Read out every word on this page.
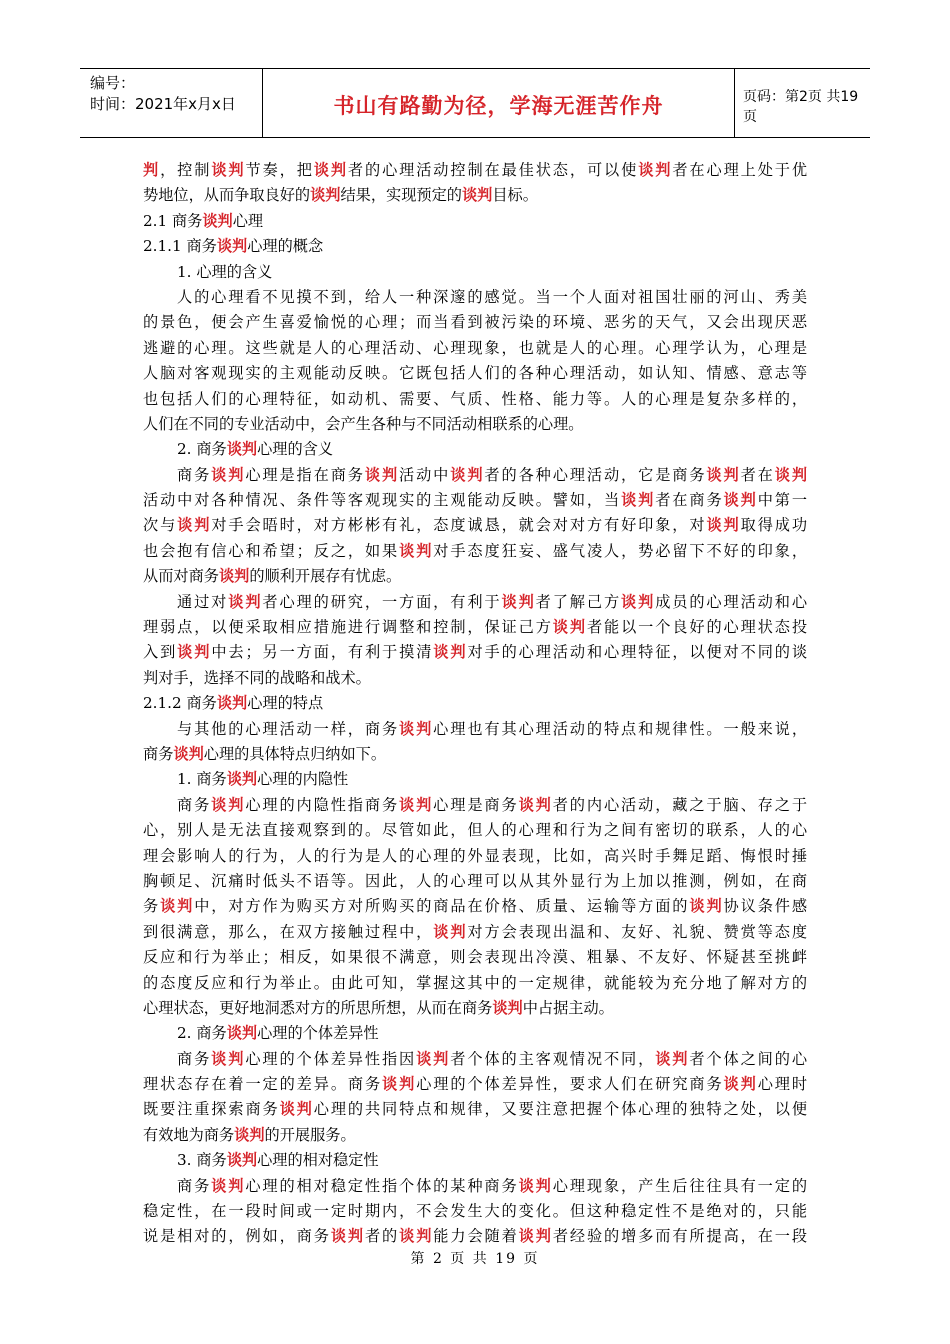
编号：
时间：2021年x月x日	书山有路勤为径，学海无涯苦作舟	页码：第2页 共19页
判，控制谈判节奏，把谈判者的心理活动控制在最佳状态，可以使谈判者在心理上处于优
势地位，从而争取良好的谈判结果，实现预定的谈判目标。
2.1 商务谈判心理
2.1.1 商务谈判心理的概念
1. 心理的含义
人的心理看不见摸不到，给人一种深邃的感觉。当一个人面对祖国壮丽的河山、秀美
的景色，便会产生喜爱愉悦的心理；而当看到被污染的环境、恶劣的天气，又会出现厌恶
逃避的心理。这些就是人的心理活动、心理现象，也就是人的心理。心理学认为，心理是
人脑对客观现实的主观能动反映。它既包括人们的各种心理活动，如认知、情感、意志等
也包括人们的心理特征，如动机、需要、气质、性格、能力等。人的心理是复杂多样的，
人们在不同的专业活动中，会产生各种与不同活动相联系的心理。
2. 商务谈判心理的含义
商务谈判心理是指在商务谈判活动中谈判者的各种心理活动，它是商务谈判者在谈判
活动中对各种情况、条件等客观现实的主观能动反映。譬如，当谈判者在商务谈判中第一
次与谈判对手会晤时，对方彬彬有礼，态度诚恳，就会对对方有好印象，对谈判取得成功
也会抱有信心和希望；反之，如果谈判对手态度狂妄、盛气凌人，势必留下不好的印象，
从而对商务谈判的顺利开展存有忧虑。
通过对谈判者心理的研究，一方面，有利于谈判者了解己方谈判成员的心理活动和心
理弱点，以便采取相应措施进行调整和控制，保证己方谈判者能以一个良好的心理状态投
入到谈判中去；另一方面，有利于摸清谈判对手的心理活动和心理特征，以便对不同的谈
判对手，选择不同的战略和战术。
2.1.2 商务谈判心理的特点
与其他的心理活动一样，商务谈判心理也有其心理活动的特点和规律性。一般来说，
商务谈判心理的具体特点归纳如下。
1. 商务谈判心理的内隐性
商务谈判心理的内隐性指商务谈判心理是商务谈判者的内心活动，藏之于脑、存之于
心，别人是无法直接观察到的。尽管如此，但人的心理和行为之间有密切的联系，人的心
理会影响人的行为，人的行为是人的心理的外显表现，比如，高兴时手舞足蹈、悔恨时捶
胸顿足、沉痛时低头不语等。因此，人的心理可以从其外显行为上加以推测，例如，在商
务谈判中，对方作为购买方对所购买的商品在价格、质量、运输等方面的谈判协议条件感
到很满意，那么，在双方接触过程中，谈判对方会表现出温和、友好、礼貌、赞赏等态度
反应和行为举止；相反，如果很不满意，则会表现出冷漠、粗暴、不友好、怀疑甚至挑衅
的态度反应和行为举止。由此可知，掌握这其中的一定规律，就能较为充分地了解对方的
心理状态，更好地洞悉对方的所思所想，从而在商务谈判中占据主动。
2. 商务谈判心理的个体差异性
商务谈判心理的个体差异性指因谈判者个体的主客观情况不同，谈判者个体之间的心
理状态存在着一定的差异。商务谈判心理的个体差异性，要求人们在研究商务谈判心理时
既要注重探索商务谈判心理的共同特点和规律，又要注意把握个体心理的独特之处，以便
有效地为商务谈判的开展服务。
3. 商务谈判心理的相对稳定性
商务谈判心理的相对稳定性指个体的某种商务谈判心理现象，产生后往往具有一定的
稳定性，在一段时间或一定时期内，不会发生大的变化。但这种稳定性不是绝对的，只能
说是相对的，例如，商务谈判者的谈判能力会随着谈判者经验的增多而有所提高，在一段
第 2 页 共 19 页
